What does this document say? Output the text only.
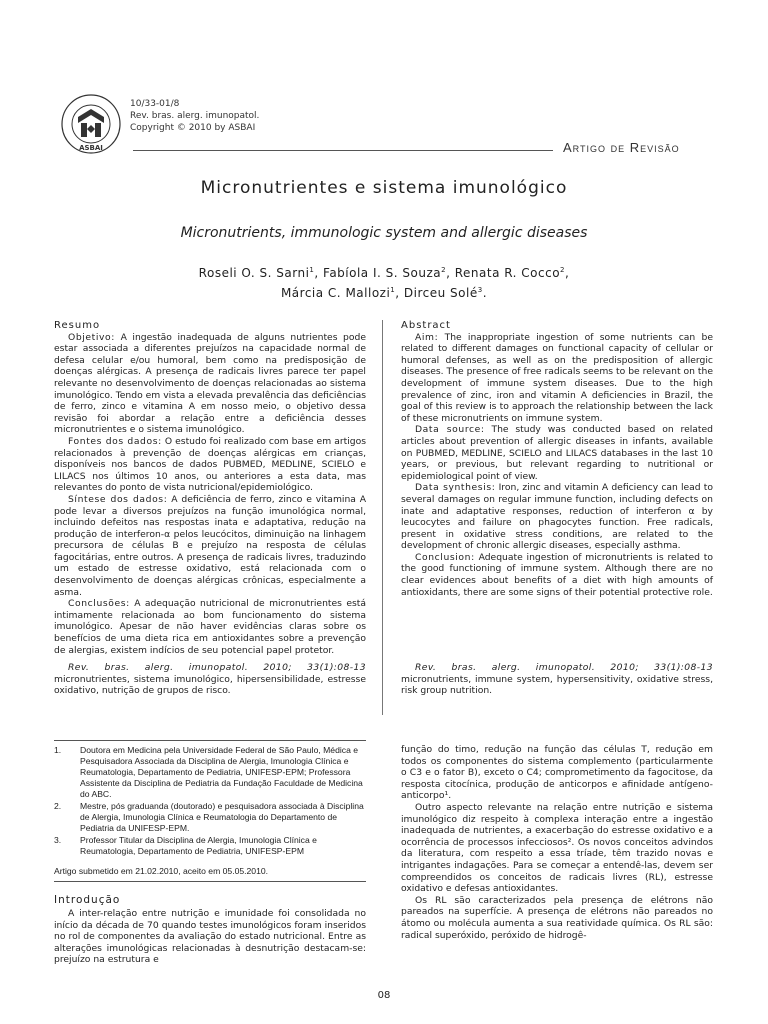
ASBAI
10/33-01/8
Rev. bras. alerg. imunopatol.
Copyright © 2010 by ASBAI
Artigo de Revisão
Micronutrientes e sistema imunológico
Micronutrients, immunologic system and allergic diseases
Roseli O. S. Sarni$^1$, Fabíola I. S. Souza$^2$, Renata R. Cocco$^2$,
Márcia C. Mallozi$^1$, Dirceu Solé$^3$.
Resumo

Objetivo: A ingestão inadequada de alguns nutrientes pode estar associada a diferentes prejuízos na capacidade normal de defesa celular e/ou humoral, bem como na predisposição de doenças alérgicas. A presença de radicais livres parece ter papel relevante no desenvolvimento de doenças relacionadas ao sistema imunológico. Tendo em vista a elevada prevalência das deficiências de ferro, zinco e vitamina A em nosso meio, o objetivo dessa revisão foi abordar a relação entre a deficiência desses micronutrientes e o sistema imunológico.

Fontes dos dados: O estudo foi realizado com base em artigos relacionados à prevenção de doenças alérgicas em crianças, disponíveis nos bancos de dados PUBMED, MEDLINE, SCIELO e LILACS nos últimos 10 anos, ou anteriores a esta data, mas relevantes do ponto de vista nutricional/epidemiológico.

Síntese dos dados: A deficiência de ferro, zinco e vitamina A pode levar a diversos prejuízos na função imunológica normal, incluindo defeitos nas respostas inata e adaptativa, redução na produção de interferon-α pelos leucócitos, diminuição na linhagem precursora de células B e prejuízo na resposta de células fagocitárias, entre outros. A presença de radicais livres, traduzindo um estado de estresse oxidativo, está relacionada com o desenvolvimento de doenças alérgicas crônicas, especialmente a asma.

Conclusões: A adequação nutricional de micronutrientes está intimamente relacionada ao bom funcionamento do sistema imunológico. Apesar de não haver evidências claras sobre os benefícios de uma dieta rica em antioxidantes sobre a prevenção de alergias, existem indícios de seu potencial papel protetor.

Rev. bras. alerg. imunopatol. 2010; 33(1):08-13 micronutrientes, sistema imunológico, hipersensibilidade, estresse oxidativo, nutrição de grupos de risco.

Abstract

Aim: The inappropriate ingestion of some nutrients can be related to different damages on functional capacity of cellular or humoral defenses, as well as on the predisposition of allergic diseases. The presence of free radicals seems to be relevant on the development of immune system diseases. Due to the high prevalence of zinc, iron and vitamin A deficiencies in Brazil, the goal of this review is to approach the relationship between the lack of these micronutrients on immune system.

Data source: The study was conducted based on related articles about prevention of allergic diseases in infants, available on PUBMED, MEDLINE, SCIELO and LILACS databases in the last 10 years, or previous, but relevant regarding to nutritional or epidemiological point of view.

Data synthesis: Iron, zinc and vitamin A deficiency can lead to several damages on regular immune function, including defects on inate and adaptative responses, reduction of interferon α by leucocytes and failure on phagocytes function. Free radicals, present in oxidative stress conditions, are related to the development of chronic allergic diseases, especially asthma.

Conclusion: Adequate ingestion of micronutrients is related to the good functioning of immune system. Although there are no clear evidences about benefits of a diet with high amounts of antioxidants, there are some signs of their potential protective role.

Rev. bras. alerg. imunopatol. 2010; 33(1):08-13 micronutrients, immune system, hypersensitivity, oxidative stress, risk group nutrition.

1.	Doutora em Medicina pela Universidade Federal de São Paulo, Médica e Pesquisadora Associada da Disciplina de Alergia, Imunologia Clínica e Reumatologia, Departamento de Pediatria, UNIFESP-EPM; Professora Assistente da Disciplina de Pediatria da Fundação Faculdade de Medicina do ABC.
2.	Mestre, pós graduanda (doutorado) e pesquisadora associada à Disciplina de Alergia, Imunologia Clínica e Reumatologia do Departamento de Pediatria da UNIFESP-EPM.
3.	Professor Titular da Disciplina de Alergia, Imunologia Clínica e Reumatologia, Departamento de Pediatria, UNIFESP-EPM
Artigo submetido em 21.02.2010, aceito em 05.05.2010.
Introdução

A inter-relação entre nutrição e imunidade foi consolidada no início da década de 70 quando testes imunológicos foram inseridos no rol de componentes da avaliação do estado nutricional. Entre as alterações imunológicas relacionadas à desnutrição destacam-se: prejuízo na estrutura e

função do timo, redução na função das células T, redução em todos os componentes do sistema complemento (particularmente o C3 e o fator B), exceto o C4; comprometimento da fagocitose, da resposta citocínica, produção de anticorpos e afinidade antígeno-anticorpo¹.

Outro aspecto relevante na relação entre nutrição e sistema imunológico diz respeito à complexa interação entre a ingestão inadequada de nutrientes, a exacerbação do estresse oxidativo e a ocorrência de processos infecciosos². Os novos conceitos advindos da literatura, com respeito a essa tríade, têm trazido novas e intrigantes indagações. Para se começar a entendê-las, devem ser compreendidos os conceitos de radicais livres (RL), estresse oxidativo e defesas antioxidantes.

Os RL são caracterizados pela presença de elétrons não pareados na superfície. A presença de elétrons não pareados no átomo ou molécula aumenta a sua reatividade química. Os RL são: radical superóxido, peróxido de hidrogê-

08
